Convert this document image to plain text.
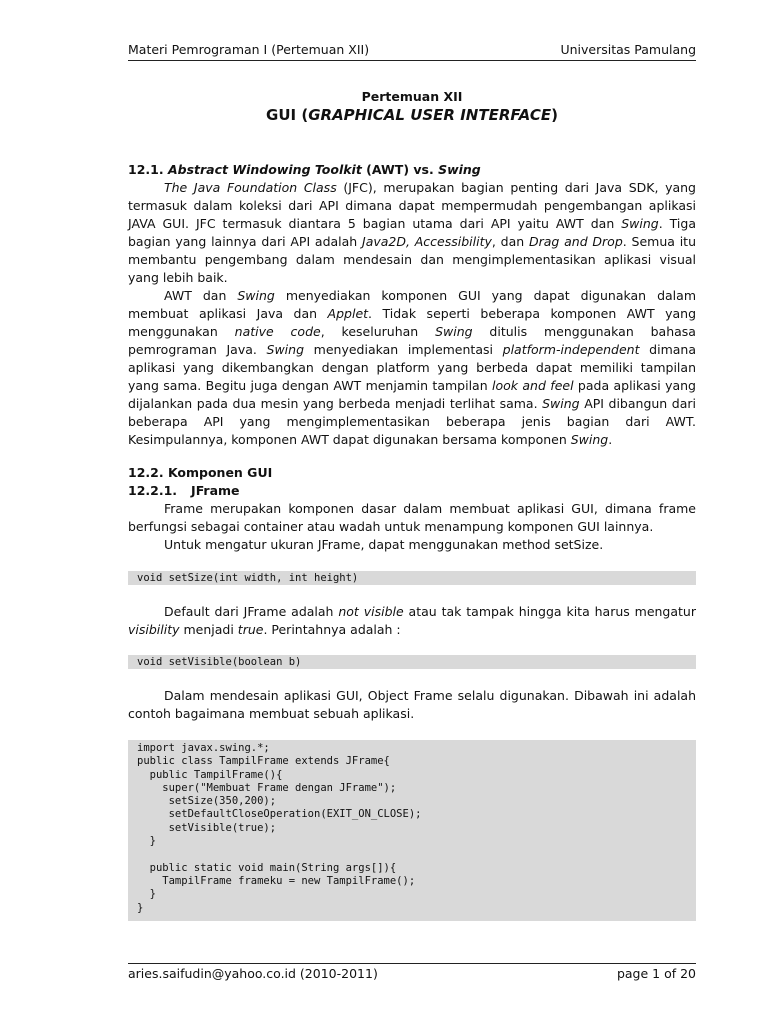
Materi Pemrograman I (Pertemuan XII)	Universitas Pamulang
Pertemuan XII
GUI (GRAPHICAL USER INTERFACE)
12.1. Abstract Windowing Toolkit (AWT) vs. Swing

The Java Foundation Class (JFC), merupakan bagian penting dari Java SDK, yang termasuk dalam koleksi dari API dimana dapat mempermudah pengembangan aplikasi JAVA GUI. JFC termasuk diantara 5 bagian utama dari API yaitu AWT dan Swing. Tiga bagian yang lainnya dari API adalah Java2D, Accessibility, dan Drag and Drop. Semua itu membantu pengembang dalam mendesain dan mengimplementasikan aplikasi visual yang lebih baik.

AWT dan Swing menyediakan komponen GUI yang dapat digunakan dalam membuat aplikasi Java dan Applet. Tidak seperti beberapa komponen AWT yang menggunakan native code, keseluruhan Swing ditulis menggunakan bahasa pemrograman Java. Swing menyediakan implementasi platform-independent dimana aplikasi yang dikembangkan dengan platform yang berbeda dapat memiliki tampilan yang sama. Begitu juga dengan AWT menjamin tampilan look and feel pada aplikasi yang dijalankan pada dua mesin yang berbeda menjadi terlihat sama. Swing API dibangun dari beberapa API yang mengimplementasikan beberapa jenis bagian dari AWT. Kesimpulannya, komponen AWT dapat digunakan bersama komponen Swing.

12.2. Komponen GUI
12.2.1. JFrame

Frame merupakan komponen dasar dalam membuat aplikasi GUI, dimana frame berfungsi sebagai container atau wadah untuk menampung komponen GUI lainnya.

Untuk mengatur ukuran JFrame, dapat menggunakan method setSize.

void setSize(int width, int height)

Default dari JFrame adalah not visible atau tak tampak hingga kita harus mengatur visibility menjadi true. Perintahnya adalah :

void setVisible(boolean b)

Dalam mendesain aplikasi GUI, Object Frame selalu digunakan. Dibawah ini adalah contoh bagaimana membuat sebuah aplikasi.

import javax.swing.*;
public class TampilFrame extends JFrame{
public TampilFrame(){
super("Membuat Frame dengan JFrame");
setSize(350,200);
setDefaultCloseOperation(EXIT_ON_CLOSE);
setVisible(true);
}
public static void main(String args[]){
TampilFrame frameku = new TampilFrame();
}
}
aries.saifudin@yahoo.co.id (2010-2011)	page 1 of 20
